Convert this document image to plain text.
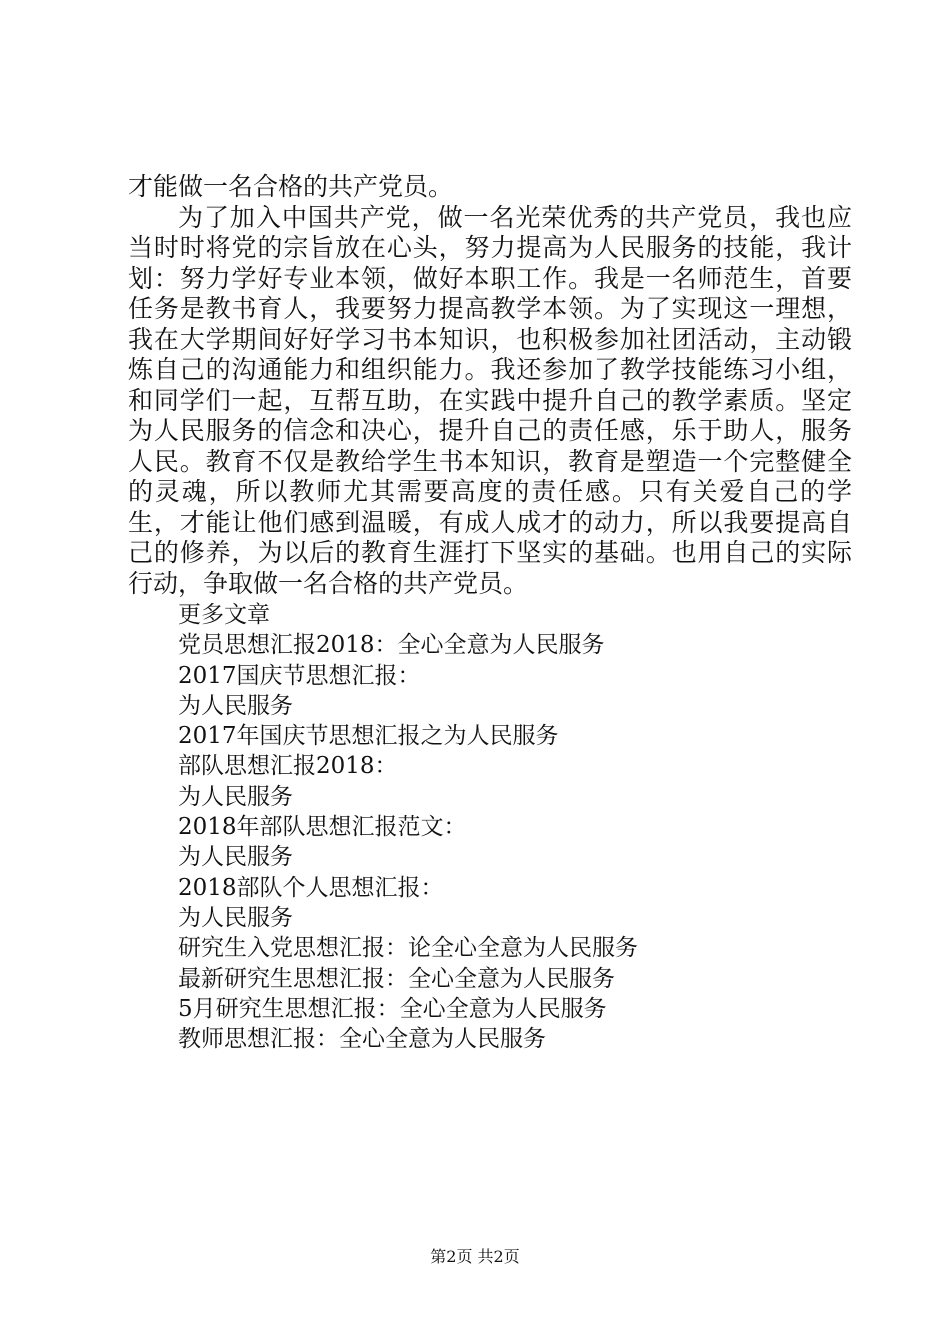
才能做一名合格的共产党员。

为了加入中国共产党，做一名光荣优秀的共产党员，我也应当时时将党的宗旨放在心头，努力提高为人民服务的技能，我计划：努力学好专业本领，做好本职工作。我是一名师范生，首要任务是教书育人，我要努力提高教学本领。为了实现这一理想，我在大学期间好好学习书本知识，也积极参加社团活动，主动锻炼自己的沟通能力和组织能力。我还参加了教学技能练习小组，和同学们一起，互帮互助，在实践中提升自己的教学素质。坚定为人民服务的信念和决心，提升自己的责任感，乐于助人，服务人民。教育不仅是教给学生书本知识，教育是塑造一个完整健全的灵魂，所以教师尤其需要高度的责任感。只有关爱自己的学生，才能让他们感到温暖，有成人成才的动力，所以我要提高自己的修养，为以后的教育生涯打下坚实的基础。也用自己的实际行动，争取做一名合格的共产党员。

更多文章

党员思想汇报2018：全心全意为人民服务

2017国庆节思想汇报：

为人民服务

2017年国庆节思想汇报之为人民服务

部队思想汇报2018：

为人民服务

2018年部队思想汇报范文：

为人民服务

2018部队个人思想汇报：

为人民服务

研究生入党思想汇报：论全心全意为人民服务

最新研究生思想汇报：全心全意为人民服务

5月研究生思想汇报：全心全意为人民服务

教师思想汇报：全心全意为人民服务

第2页 共2页
